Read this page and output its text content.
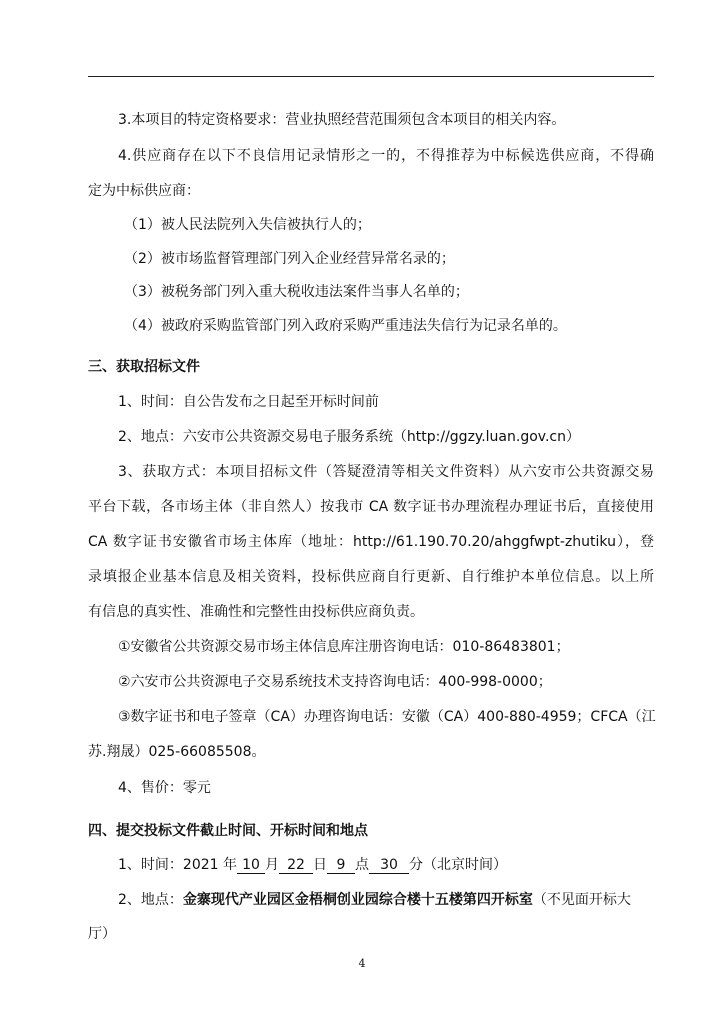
3.本项目的特定资格要求：营业执照经营范围须包含本项目的相关内容。
4.供应商存在以下不良信用记录情形之一的，不得推荐为中标候选供应商，不得确
定为中标供应商：
（1）被人民法院列入失信被执行人的；
（2）被市场监督管理部门列入企业经营异常名录的；
（3）被税务部门列入重大税收违法案件当事人名单的；
（4）被政府采购监管部门列入政府采购严重违法失信行为记录名单的。
三、获取招标文件
1、时间：自公告发布之日起至开标时间前
2、地点：六安市公共资源交易电子服务系统（http://ggzy.luan.gov.cn）
3、获取方式：本项目招标文件（答疑澄清等相关文件资料）从六安市公共资源交易
平台下载，各市场主体（非自然人）按我市 CA 数字证书办理流程办理证书后，直接使用
CA 数字证书安徽省市场主体库（地址：http://61.190.70.20/ahggfwpt-zhutiku），登
录填报企业基本信息及相关资料，投标供应商自行更新、自行维护本单位信息。以上所
有信息的真实性、准确性和完整性由投标供应商负责。
①安徽省公共资源交易市场主体信息库注册咨询电话：010-86483801；
②六安市公共资源电子交易系统技术支持咨询电话：400-998-0000；
③数字证书和电子签章（CA）办理咨询电话：安徽（CA）400-880-4959；CFCA（江
苏.翔晟）025-66085508。
4、售价：零元
四、提交投标文件截止时间、开标时间和地点
1、时间：2021 年 10 月 22 日 9 点 30 分（北京时间）
2、地点：金寨现代产业园区金梧桐创业园综合楼十五楼第四开标室（不见面开标大
厅）
4
